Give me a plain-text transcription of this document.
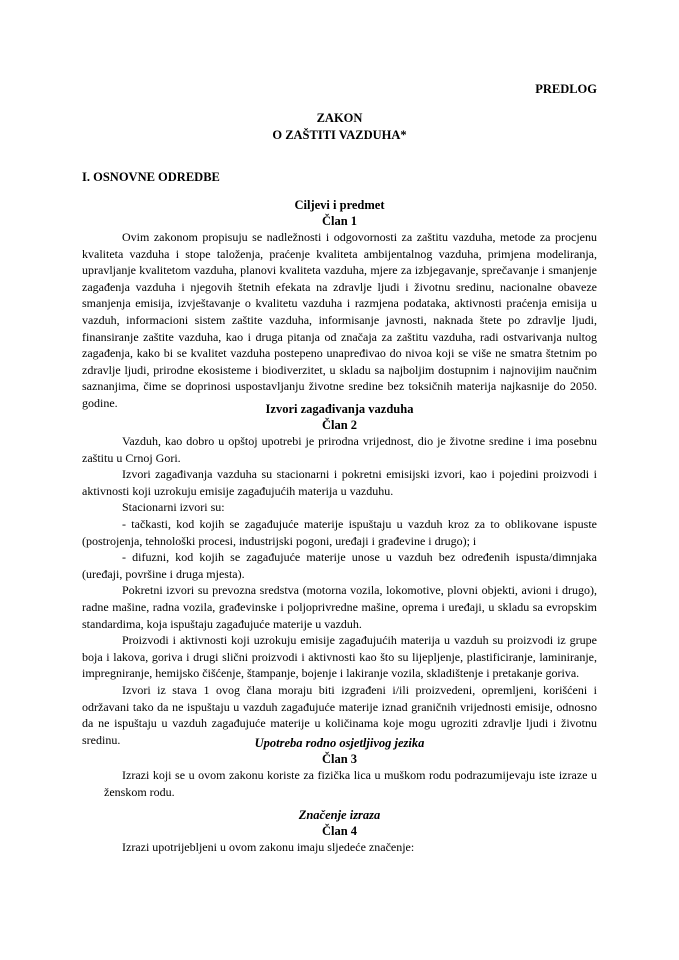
PREDLOG
ZAKON
O ZAŠTITI VAZDUHA*
I. OSNOVNE ODREDBE
Ciljevi i predmet
Član 1

Ovim zakonom propisuju se nadležnosti i odgovornosti za zaštitu vazduha, metode za procjenu kvaliteta vazduha i stope taloženja, praćenje kvaliteta ambijentalnog vazduha, primjena modeliranja, upravljanje kvalitetom vazduha, planovi kvaliteta vazduha, mjere za izbjegavanje, sprečavanje i smanjenje zagađenja vazduha i njegovih štetnih efekata na zdravlje ljudi i životnu sredinu, nacionalne obaveze smanjenja emisija, izvještavanje o kvalitetu vazduha i razmjena podataka, aktivnosti praćenja emisija u vazduh, informacioni sistem zaštite vazduha, informisanje javnosti, naknada štete po zdravlje ljudi, finansiranje zaštite vazduha, kao i druga pitanja od značaja za zaštitu vazduha, radi ostvarivanja nultog zagađenja, kako bi se kvalitet vazduha postepeno unapređivao do nivoa koji se više ne smatra štetnim po zdravlje ljudi, prirodne ekosisteme i biodiverzitet, u skladu sa najboljim dostupnim i najnovijim naučnim saznanjima, čime se doprinosi uspostavljanju životne sredine bez toksičnih materija najkasnije do 2050. godine.	Izvori zagađivanja vazduha
Član 2

Vazduh, kao dobro u opštoj upotrebi je prirodna vrijednost, dio je životne sredine i ima posebnu zaštitu u Crnoj Gori.

Izvori zagađivanja vazduha su stacionarni i pokretni emisijski izvori, kao i pojedini proizvodi i aktivnosti koji uzrokuju emisije zagađujućih materija u vazduhu.

Stacionarni izvori su:

- tačkasti, kod kojih se zagađujuće materije ispuštaju u vazduh kroz za to oblikovane ispuste (postrojenja, tehnološki procesi, industrijski pogoni, uređaji i građevine i drugo); i

- difuzni, kod kojih se zagađujuće materije unose u vazduh bez određenih ispusta/dimnjaka (uređaji, površine i druga mjesta).

Pokretni izvori su prevozna sredstva (motorna vozila, lokomotive, plovni objekti, avioni i drugo), radne mašine, radna vozila, građevinske i poljoprivredne mašine, oprema i uređaji, u skladu sa evropskim standardima, koja ispuštaju zagađujuće materije u vazduh.

Proizvodi i aktivnosti koji uzrokuju emisije zagađujućih materija u vazduh su proizvodi iz grupe boja i lakova, goriva i drugi slični proizvodi i aktivnosti kao što su lijepljenje, plastificiranje, laminiranje, impregniranje, hemijsko čišćenje, štampanje, bojenje i lakiranje vozila, skladištenje i pretakanje goriva.

Izvori iz stava 1 ovog člana moraju biti izgrađeni i/ili proizvedeni, opremljeni, korišćeni i održavani tako da ne ispuštaju u vazduh zagađujuće materije iznad graničnih vrijednosti emisije, odnosno da ne ispuštaju u vazduh zagađujuće materije u količinama koje mogu ugroziti zdravlje ljudi i životnu sredinu.	Upotreba rodno osjetljivog jezika
Član 3

Izrazi koji se u ovom zakonu koriste za fizička lica u muškom rodu podrazumijevaju iste izraze u ženskom rodu.

Značenje izraza
Član 4

Izrazi upotrijebljeni u ovom zakonu imaju sljedeće značenje:
